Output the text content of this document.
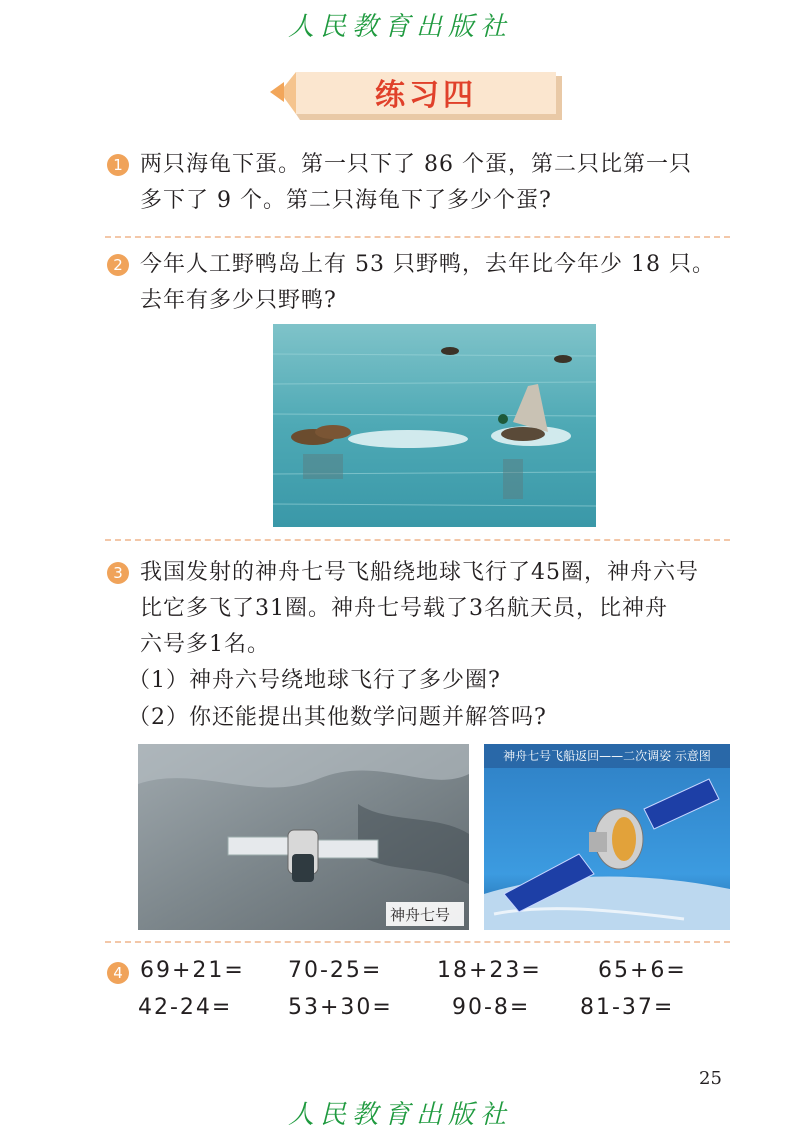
人民教育出版社
练习四
1 两只海龟下蛋。第一只下了 86 个蛋，第二只比第一只
多下了 9 个。第二只海龟下了多少个蛋?
2 今年人工野鸭岛上有 53 只野鸭，去年比今年少 18 只。
去年有多少只野鸭?
3 我国发射的神舟七号飞船绕地球飞行了45圈，神舟六号
比它多飞了31圈。神舟七号载了3名航天员，比神舟
六号多1名。
（1）神舟六号绕地球飞行了多少圈?
（2）你还能提出其他数学问题并解答吗?
神舟七号
神舟七号飞船返回——二次调姿 示意图
4 69+21= 70-25= 18+23=	65+6=
42-24=	53+30=	90-8= 81-37=
25
人民教育出版社
